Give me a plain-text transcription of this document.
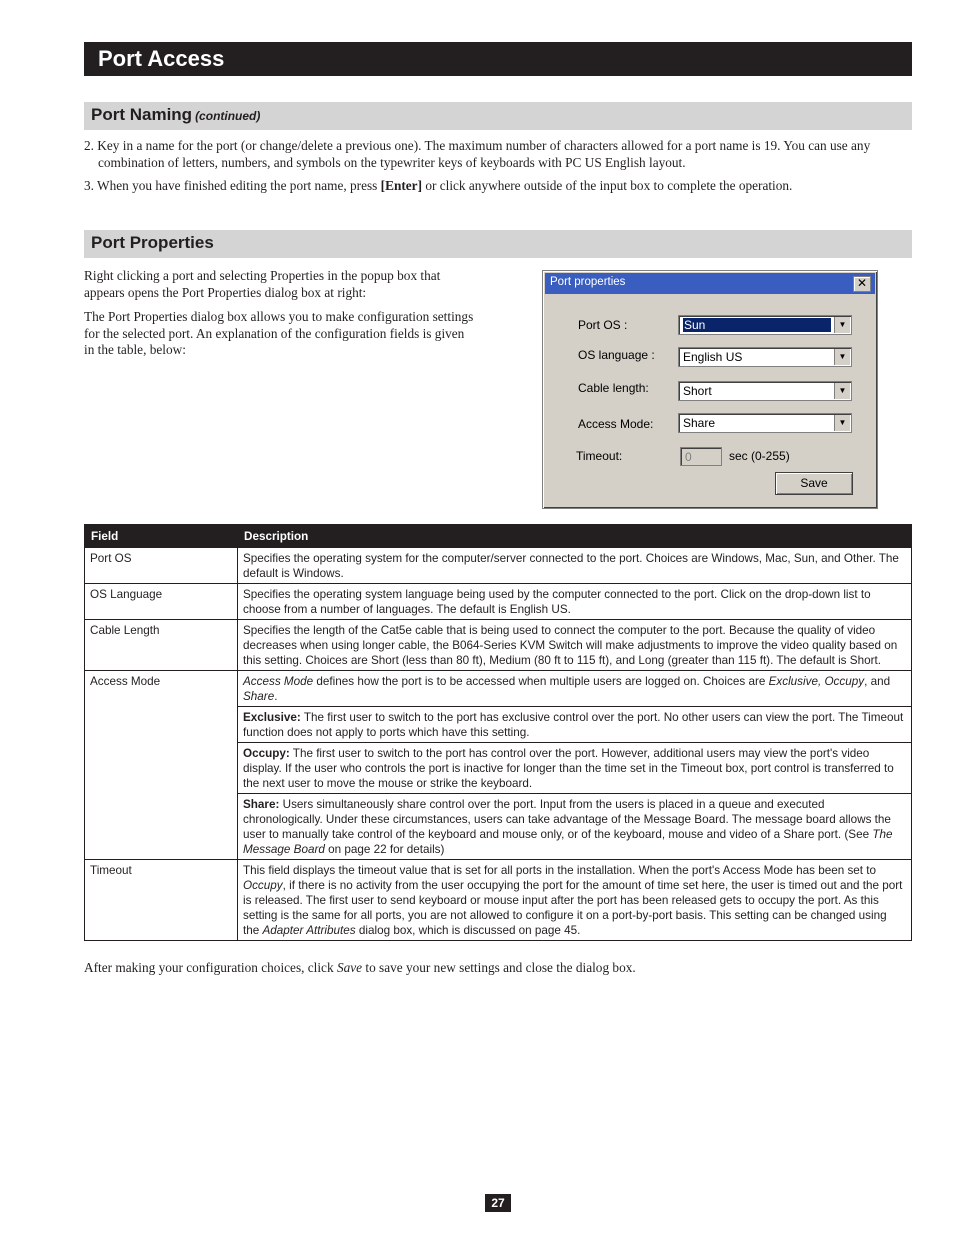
Port Access
Port Naming (continued)
2. Key in a name for the port (or change/delete a previous one). The maximum number of characters allowed for a port name is 19. You can use any combination of letters, numbers, and symbols on the typewriter keys of keyboards with PC US English layout.
3. When you have finished editing the port name, press [Enter] or click anywhere outside of the input box to complete the operation.
Port Properties
Right clicking a port and selecting Properties in the popup box that appears opens the Port Properties dialog box at right:
The Port Properties dialog box allows you to make configuration settings for the selected port. An explanation of the configuration fields is given in the table, below:
Port properties	✕
Port OS :	Sun	▼
OS language : English US	▼
Cable length:	Short	▼
Access Mode: Share	▼
Timeout:	0	sec (0-255)
Save
Field	Description
Port OS	Specifies the operating system for the computer/server connected to the port. Choices are Windows, Mac, Sun, and Other. The default is Windows.
OS Language	Specifies the operating system language being used by the computer connected to the port. Click on the drop-down list to choose from a number of languages. The default is English US.
Cable Length	Specifies the length of the Cat5e cable that is being used to connect the computer to the port. Because the quality of video decreases when using longer cable, the B064-Series KVM Switch will make adjustments to improve the video quality based on this setting. Choices are Short (less than 80 ft), Medium (80 ft to 115 ft), and Long (greater than 115 ft). The default is Short.
Access Mode	Access Mode defines how the port is to be accessed when multiple users are logged on. Choices are Exclusive, Occupy, and Share.
	Exclusive: The first user to switch to the port has exclusive control over the port. No other users can view the port. The Timeout function does not apply to ports which have this setting.
	Occupy: The first user to switch to the port has control over the port. However, additional users may view the port's video display. If the user who controls the port is inactive for longer than the time set in the Timeout box, port control is transferred to the next user to move the mouse or strike the keyboard.
	Share: Users simultaneously share control over the port. Input from the users is placed in a queue and executed chronologically. Under these circumstances, users can take advantage of the Message Board. The message board allows the user to manually take control of the keyboard and mouse only, or of the keyboard, mouse and video of a Share port. (See The Message Board on page 22 for details)
Timeout	This field displays the timeout value that is set for all ports in the installation. When the port's Access Mode has been set to Occupy, if there is no activity from the user occupying the port for the amount of time set here, the user is timed out and the port is released. The first user to send keyboard or mouse input after the port has been released gets to occupy the port. As this setting is the same for all ports, you are not allowed to configure it on a port-by-port basis. This setting can be changed using the Adapter Attributes dialog box, which is discussed on page 45.
After making your configuration choices, click Save to save your new settings and close the dialog box.
27
